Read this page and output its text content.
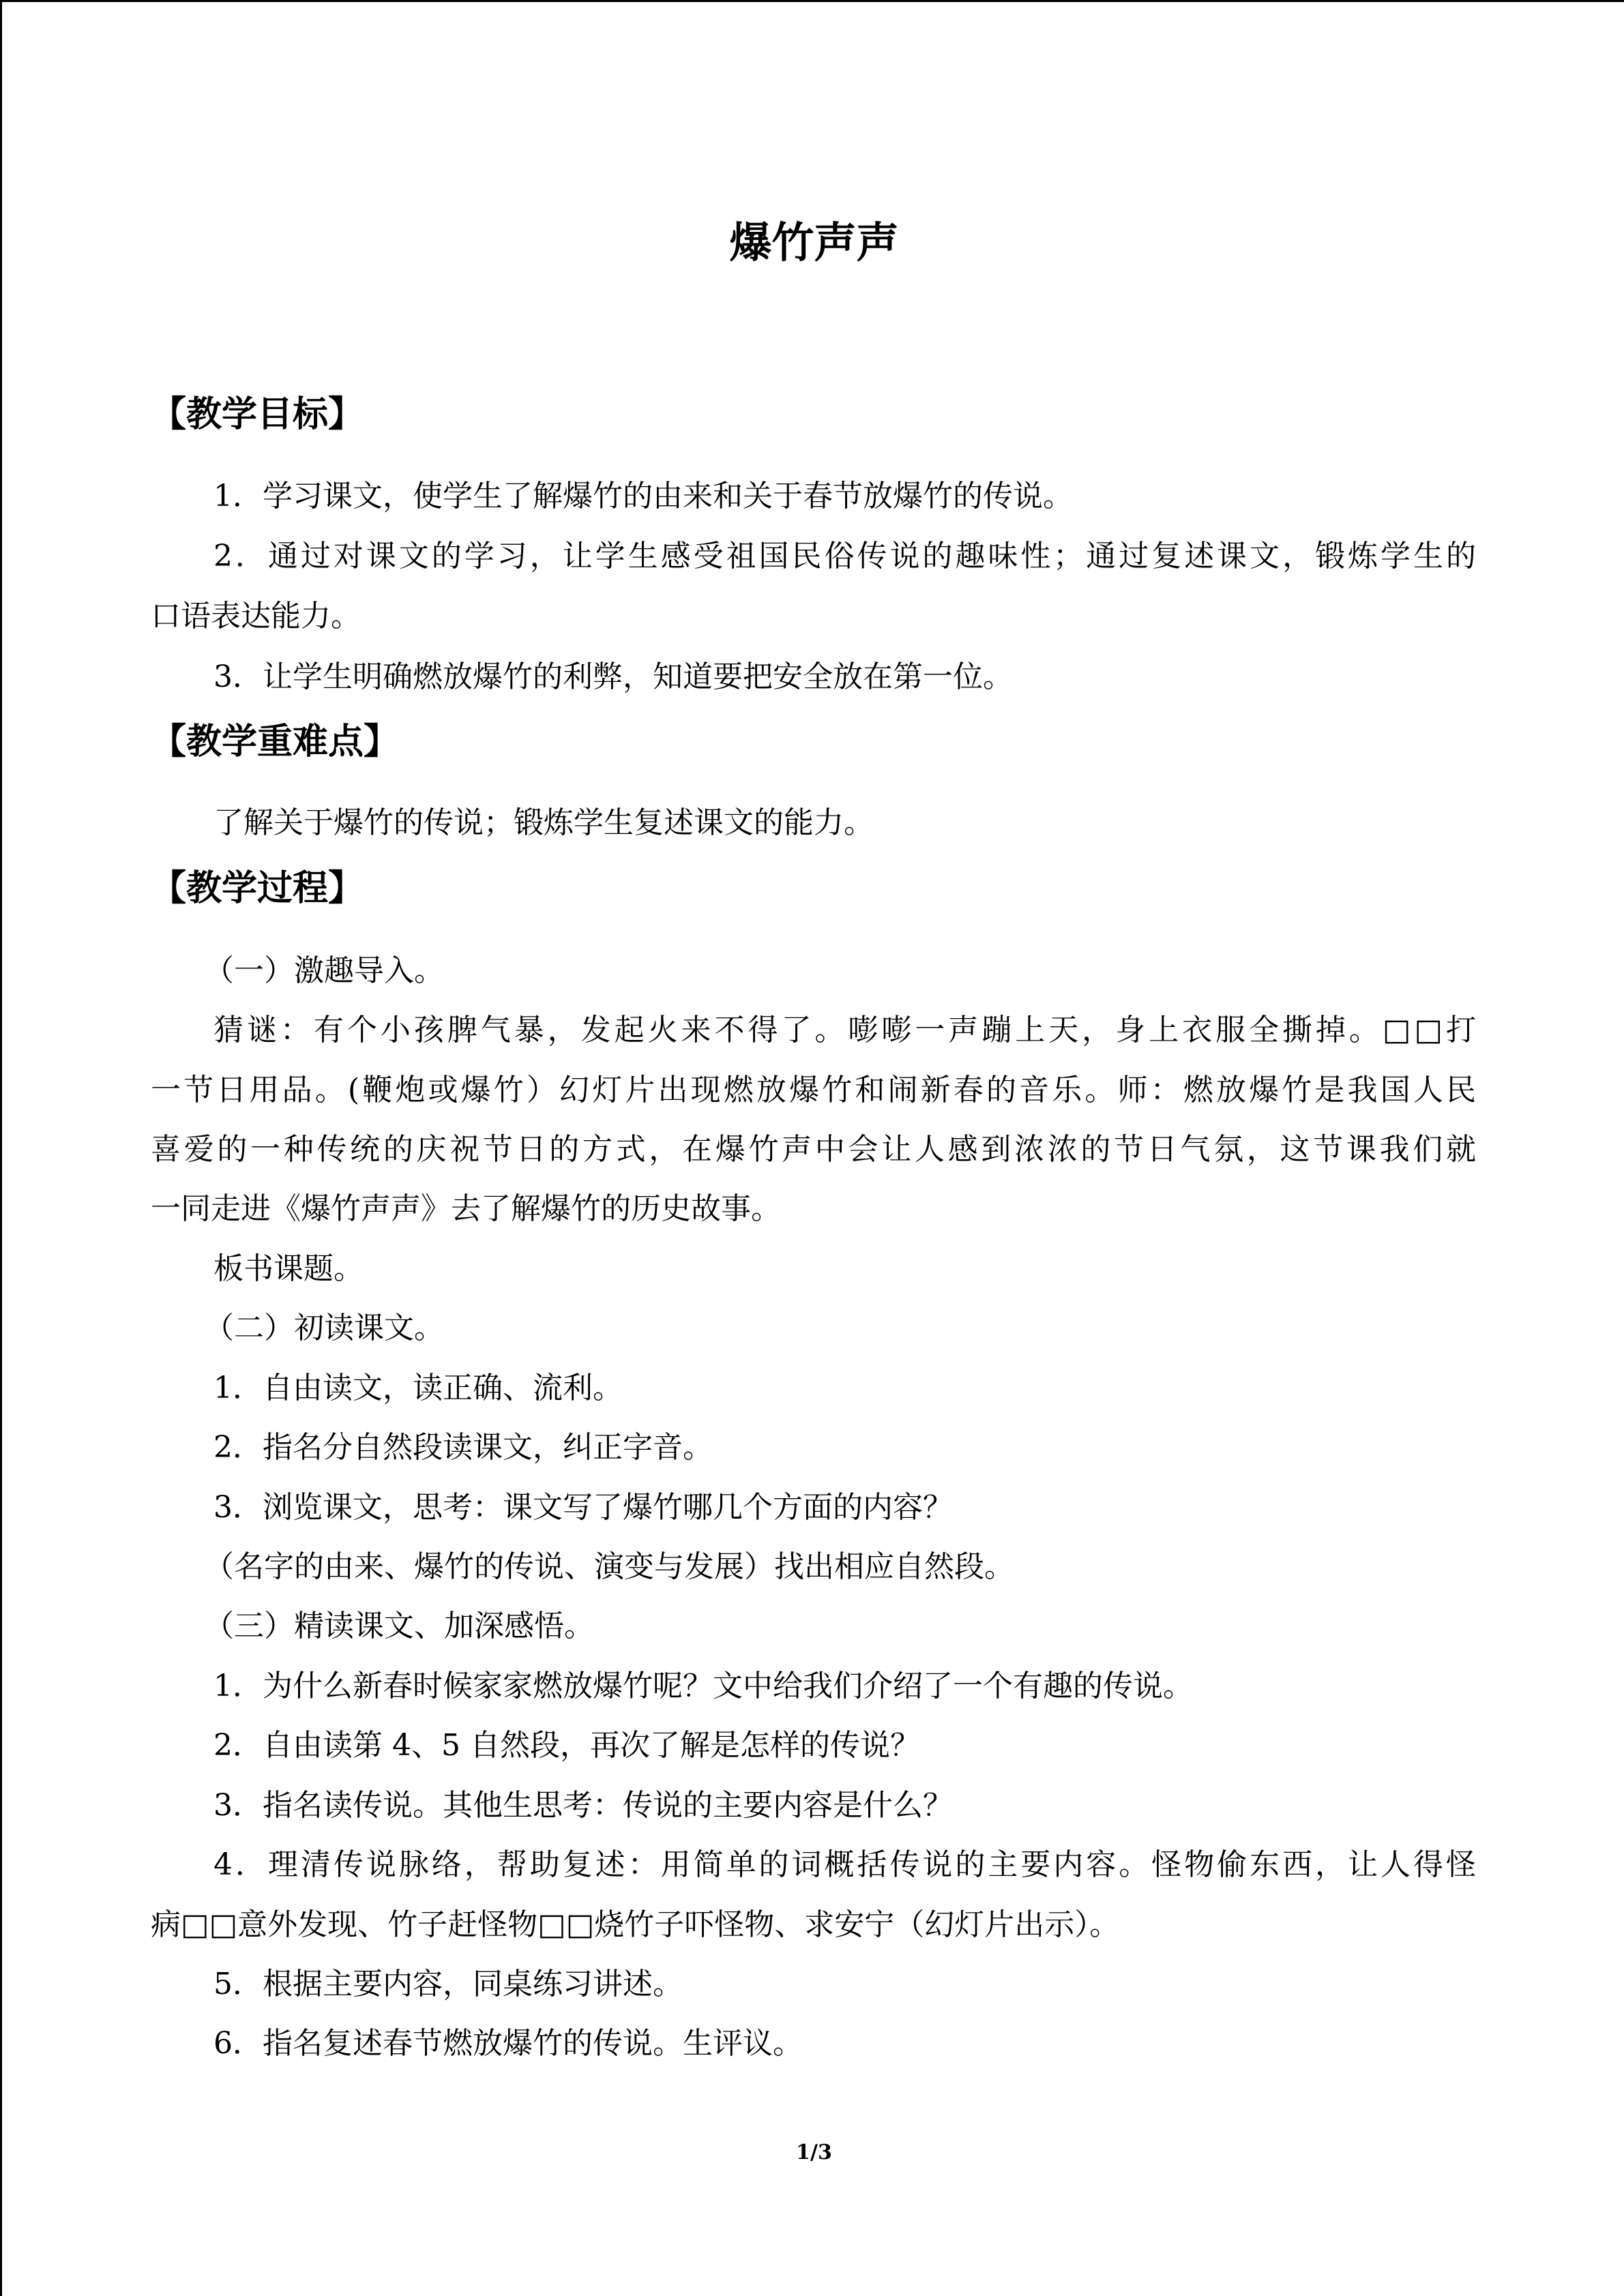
爆竹声声
【教学目标】
1．学习课文，使学生了解爆竹的由来和关于春节放爆竹的传说。
2．通过对课文的学习，让学生感受祖国民俗传说的趣味性；通过复述课文，锻炼学生的
口语表达能力。
3．让学生明确燃放爆竹的利弊，知道要把安全放在第一位。
【教学重难点】
了解关于爆竹的传说；锻炼学生复述课文的能力。
【教学过程】
（一）激趣导入。
猜谜：有个小孩脾气暴，发起火来不得了。嘭嘭一声蹦上天，身上衣服全撕掉。□□打
一节日用品。(鞭炮或爆竹）幻灯片出现燃放爆竹和闹新春的音乐。师：燃放爆竹是我国人民
喜爱的一种传统的庆祝节日的方式，在爆竹声中会让人感到浓浓的节日气氛，这节课我们就
一同走进《爆竹声声》去了解爆竹的历史故事。
板书课题。
（二）初读课文。
1．自由读文，读正确、流利。
2．指名分自然段读课文，纠正字音。
3．浏览课文，思考：课文写了爆竹哪几个方面的内容？
（名字的由来、爆竹的传说、演变与发展）找出相应自然段。
（三）精读课文、加深感悟。
1．为什么新春时候家家燃放爆竹呢？文中给我们介绍了一个有趣的传说。
2．自由读第 4、5 自然段，再次了解是怎样的传说？
3．指名读传说。其他生思考：传说的主要内容是什么？
4．理清传说脉络，帮助复述：用简单的词概括传说的主要内容。怪物偷东西，让人得怪
病□□意外发现、竹子赶怪物□□烧竹子吓怪物、求安宁（幻灯片出示）。
5．根据主要内容，同桌练习讲述。
6．指名复述春节燃放爆竹的传说。生评议。
1/3
